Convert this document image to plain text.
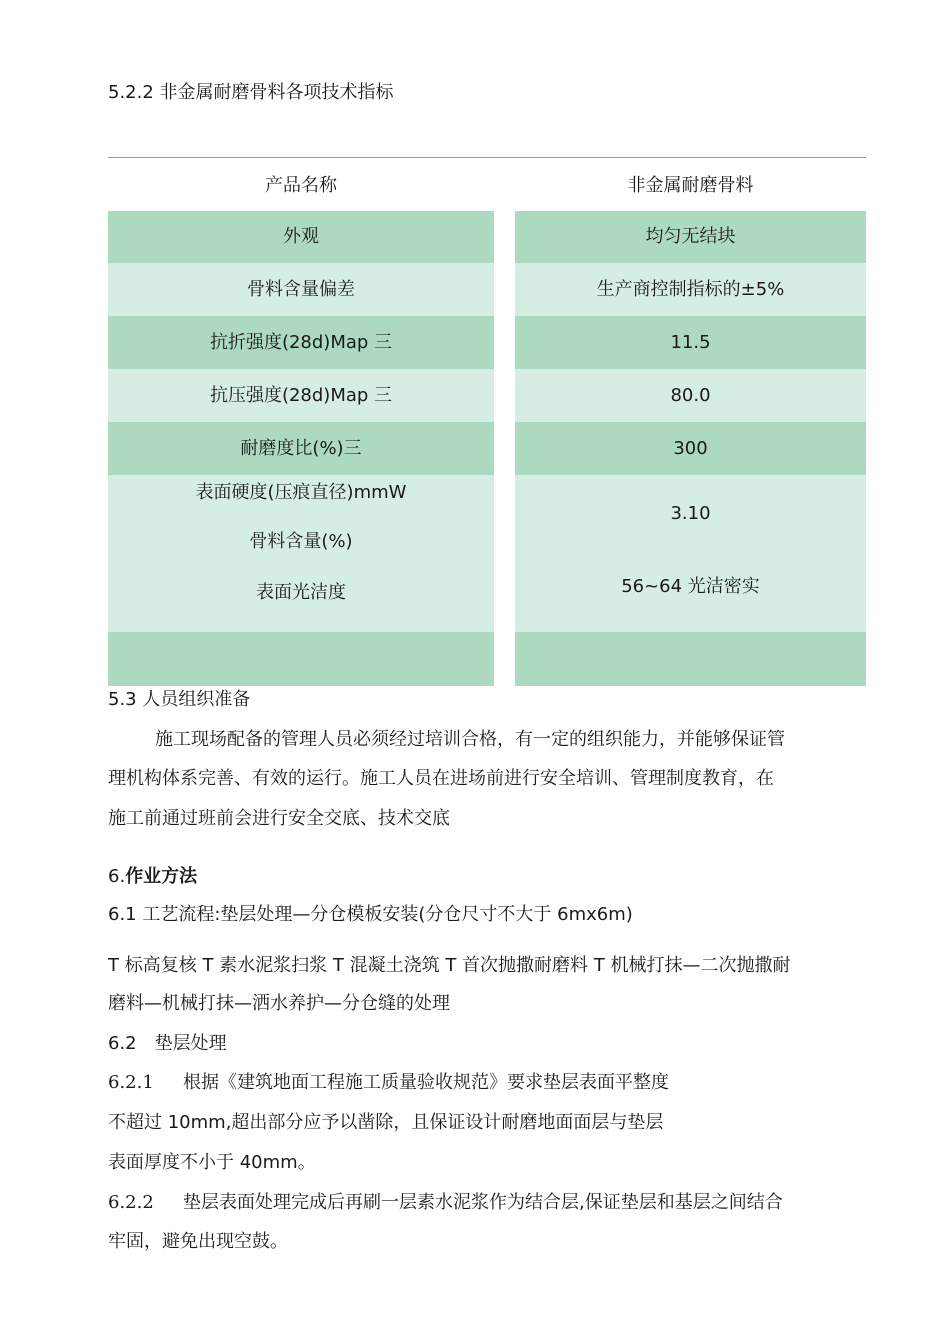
5.2.2 非金属耐磨骨料各项技术指标
产品名称	非金属耐磨骨料
外观
骨料含量偏差
抗折强度(28d)Map 三
抗压强度(28d)Map 三
耐磨度比(%)三
表面硬度(压痕直径)mmW
骨料含量(%)
表面光洁度
均匀无结块
生产商控制指标的±5%
11.5
80.0
300
3.10
56~64 光洁密实
5.3 人员组织准备
施工现场配备的管理人员必须经过培训合格，有一定的组织能力，并能够保证管
理机构体系完善、有效的运行。施工人员在进场前进行安全培训、管理制度教育，在
施工前通过班前会进行安全交底、技术交底
6.作业方法
6.1 工艺流程:垫层处理—分仓模板安装(分仓尺寸不大于 6mx6m)
T 标高复核 T 素水泥浆扫浆 T 混凝土浇筑 T 首次抛撒耐磨料 T 机械打抹—二次抛撒耐
磨料—机械打抹—洒水养护—分仓缝的处理
6.2　垫层处理
6.2.1 根据《建筑地面工程施工质量验收规范》要求垫层表面平整度
不超过 10mm,超出部分应予以凿除，且保证设计耐磨地面面层与垫层
表面厚度不小于 40mm。
6.2.2 垫层表面处理完成后再刷一层素水泥浆作为结合层,保证垫层和基层之间结合
牢固，避免出现空鼓。
